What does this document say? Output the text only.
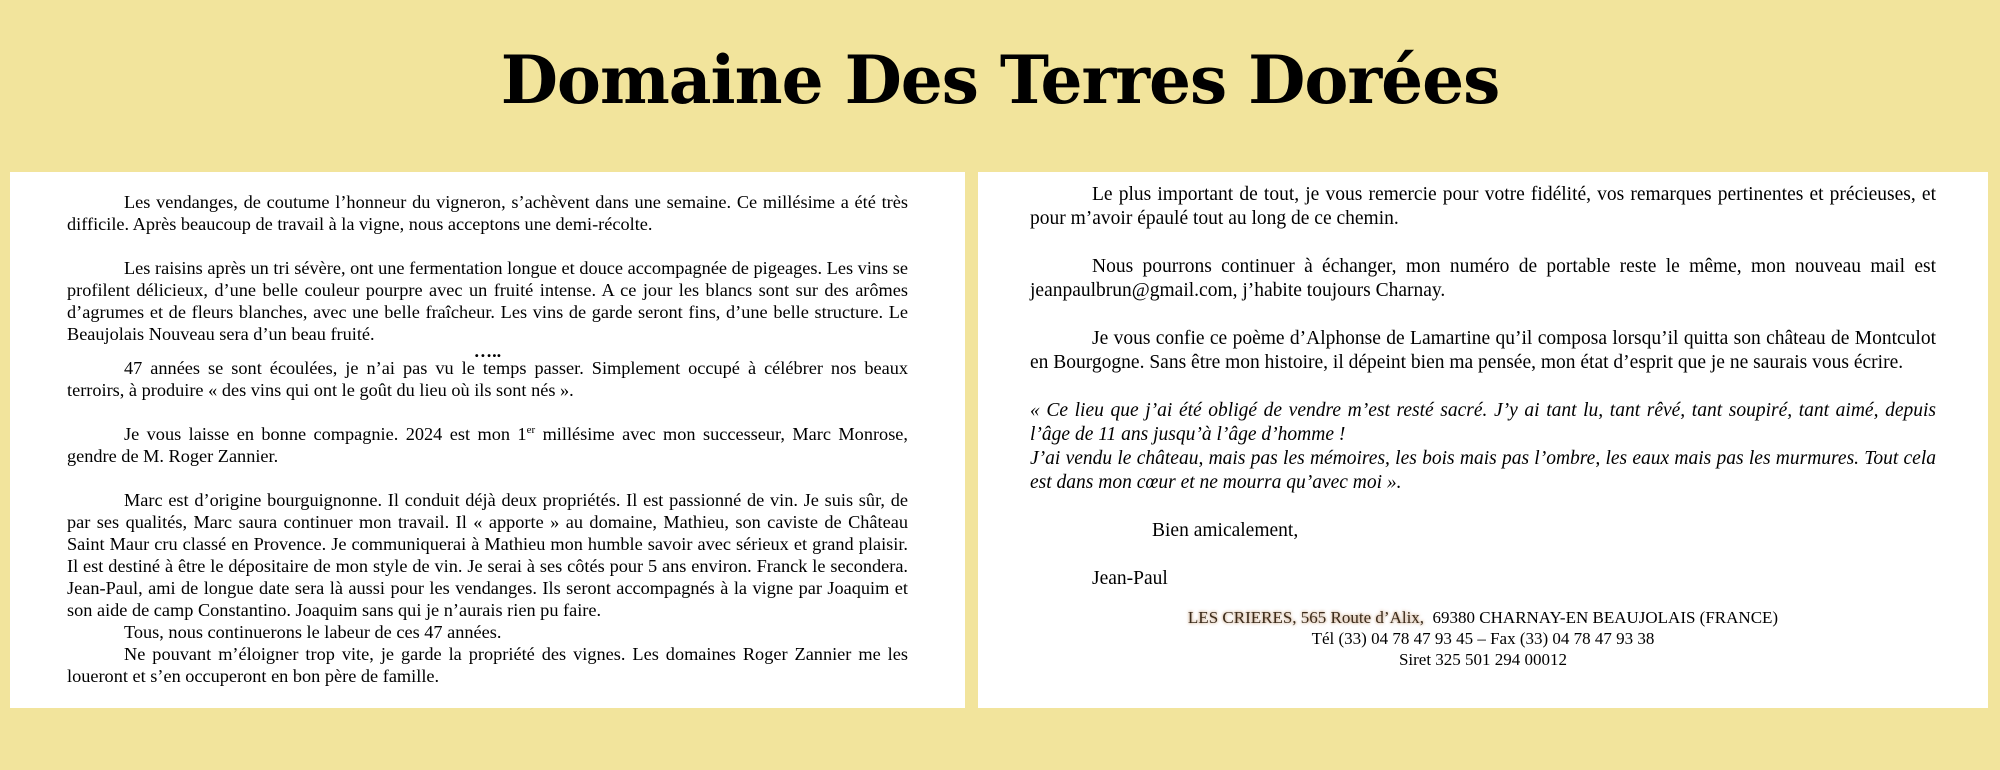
Domaine Des Terres Dorées

Les vendanges, de coutume l’honneur du vigneron, s’achèvent dans une semaine. Ce millésime a été très difficile. Après beaucoup de travail à la vigne, nous acceptons une demi-récolte.

Les raisins après un tri sévère, ont une fermentation longue et douce accompagnée de pigeages. Les vins se profilent délicieux, d’une belle couleur pourpre avec un fruité intense. A ce jour les blancs sont sur des arômes d’agrumes et de fleurs blanches, avec une belle fraîcheur. Les vins de garde seront fins, d’une belle structure. Le Beaujolais Nouveau sera d’un beau fruité.

…..

47 années se sont écoulées, je n’ai pas vu le temps passer. Simplement occupé à célébrer nos beaux terroirs, à produire « des vins qui ont le goût du lieu où ils sont nés ».

Je vous laisse en bonne compagnie. 2024 est mon 1er millésime avec mon successeur, Marc Monrose, gendre de M. Roger Zannier.

Marc est d’origine bourguignonne. Il conduit déjà deux propriétés. Il est passionné de vin. Je suis sûr, de par ses qualités, Marc saura continuer mon travail. Il « apporte » au domaine, Mathieu, son caviste de Château Saint Maur cru classé en Provence. Je communiquerai à Mathieu mon humble savoir avec sérieux et grand plaisir. Il est destiné à être le dépositaire de mon style de vin. Je serai à ses côtés pour 5 ans environ. Franck le secondera. Jean-Paul, ami de longue date sera là aussi pour les vendanges. Ils seront accompagnés à la vigne par Joaquim et son aide de camp Constantino. Joaquim sans qui je n’aurais rien pu faire.

Tous, nous continuerons le labeur de ces 47 années.

Ne pouvant m’éloigner trop vite, je garde la propriété des vignes. Les domaines Roger Zannier me les loueront et s’en occuperont en bon père de famille.

Le plus important de tout, je vous remercie pour votre fidélité, vos remarques pertinentes et précieuses, et pour m’avoir épaulé tout au long de ce chemin.

Nous pourrons continuer à échanger, mon numéro de portable reste le même, mon nouveau mail est jeanpaulbrun@gmail.com, j’habite toujours Charnay.

Je vous confie ce poème d’Alphonse de Lamartine qu’il composa lorsqu’il quitta son château de Montculot en Bourgogne. Sans être mon histoire, il dépeint bien ma pensée, mon état d’esprit que je ne saurais vous écrire.

« Ce lieu que j’ai été obligé de vendre m’est resté sacré. J’y ai tant lu, tant rêvé, tant soupiré, tant aimé, depuis l’âge de 11 ans jusqu’à l’âge d’homme !

J’ai vendu le château, mais pas les mémoires, les bois mais pas l’ombre, les eaux mais pas les murmures. Tout cela est dans mon cœur et ne mourra qu’avec moi ».

Bien amicalement,
Jean-Paul
LES CRIERES, 565 Route d’Alix,  69380 CHARNAY-EN BEAUJOLAIS (FRANCE)
Tél (33) 04 78 47 93 45 – Fax (33) 04 78 47 93 38
Siret 325 501 294 00012
